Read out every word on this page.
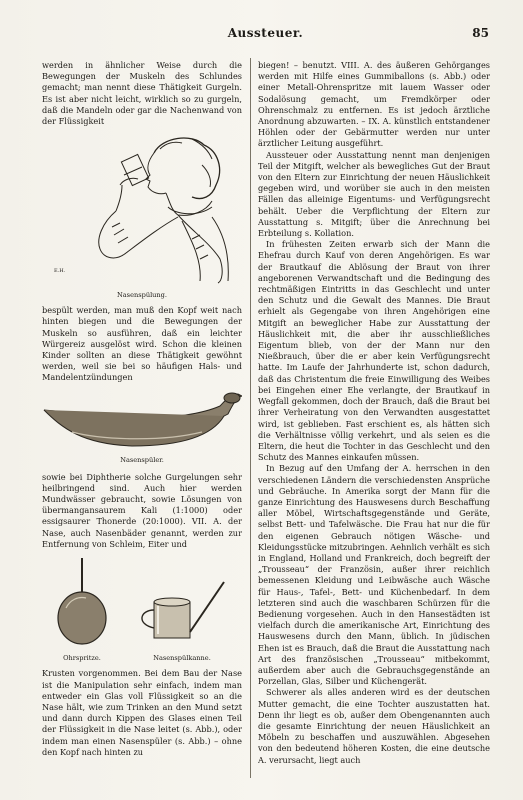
Aussteuer.	85

werden in ähnlicher Weise durch die Bewegungen der Muskeln des Schlundes gemacht; man nennt diese Thätigkeit Gurgeln. Es ist aber nicht leicht, wirklich so zu gurgeln, daß die Mandeln oder gar die Nachenwand von der Flüssigkeit

E.H.
Nasenspülung.

bespült werden, man muß den Kopf weit nach hinten biegen und die Bewegungen der Muskeln so ausführen, daß ein leichter Würgereiz ausgelöst wird. Schon die kleinen Kinder sollten an diese Thätigkeit gewöhnt werden, weil sie bei so häufigen Hals- und Mandelentzündungen

Nasenspüler.

sowie bei Diphtherie solche Gurgelungen sehr heilbringend sind. Auch hier werden Mundwässer gebraucht, sowie Lösungen von übermangansaurem Kali (1:1000) oder essigsaurer Thonerde (20:1000). VII. A. der Nase, auch Nasenbäder genannt, werden zur Entfernung von Schleim, Eiter und

Ohrspritze.	Nasenspülkanne.

Krusten vorgenommen. Bei dem Bau der Nase ist die Manipulation sehr einfach, indem man entweder ein Glas voll Flüssigkeit so an die Nase hält, wie zum Trinken an den Mund setzt und dann durch Kippen des Glases einen Teil der Flüssigkeit in die Nase leitet (s. Abb.), oder indem man einen Nasenspüler (s. Abb.) – ohne den Kopf nach hinten zu

biegen! – benutzt. VIII. A. des äußeren Gehörganges werden mit Hilfe eines Gummiballons (s. Abb.) oder einer Metall-Ohrenspritze mit lauem Wasser oder Sodalösung gemacht, um Fremdkörper oder Ohrenschmalz zu entfernen. Es ist jedoch ärztliche Anordnung abzuwarten. – IX. A. künstlich entstandener Höhlen oder der Gebärmutter werden nur unter ärztlicher Leitung ausgeführt.

Aussteuer oder Ausstattung nennt man denjenigen Teil der Mitgift, welcher als bewegliches Gut der Braut von den Eltern zur Einrichtung der neuen Häuslichkeit gegeben wird, und worüber sie auch in den meisten Fällen das alleinige Eigentums- und Verfügungsrecht behält. Ueber die Verpflichtung der Eltern zur Ausstattung s. Mitgift; über die Anrechnung bei Erbteilung s. Kollation.

In frühesten Zeiten erwarb sich der Mann die Ehefrau durch Kauf von deren Angehörigen. Es war der Brautkauf die Ablösung der Braut von ihrer angeborenen Verwandtschaft und die Bedingung des rechtmäßigen Eintritts in das Geschlecht und unter den Schutz und die Gewalt des Mannes. Die Braut erhielt als Gegengabe von ihren Angehörigen eine Mitgift an beweglicher Habe zur Ausstattung der Häuslichkeit mit, die aber ihr ausschließliches Eigentum blieb, von der der Mann nur den Nießbrauch, über die er aber kein Verfügungsrecht hatte. Im Laufe der Jahrhunderte ist, schon dadurch, daß das Christentum die freie Einwilligung des Weibes bei Eingehen einer Ehe verlangte, der Brautkauf in Wegfall gekommen, doch der Brauch, daß die Braut bei ihrer Verheiratung von den Verwandten ausgestattet wird, ist geblieben. Fast erschient es, als hätten sich die Verhältnisse völlig verkehrt, und als seien es die Eltern, die heut die Tochter in das Geschlecht und den Schutz des Mannes einkaufen müssen.

In Bezug auf den Umfang der A. herrschen in den verschiedenen Ländern die verschiedensten Ansprüche und Gebräuche. In Amerika sorgt der Mann für die ganze Einrichtung des Hauswesens durch Beschaffung aller Möbel, Wirtschaftsgegenstände und Geräte, selbst Bett- und Tafelwäsche. Die Frau hat nur die für den eigenen Gebrauch nötigen Wäsche- und Kleidungsstücke mitzubringen. Aehnlich verhält es sich in England, Holland und Frankreich, doch begreift der „Trousseau“ der Französin, außer ihrer reichlich bemessenen Kleidung und Leibwäsche auch Wäsche für Haus-, Tafel-, Bett- und Küchenbedarf. In dem letzteren sind auch die waschbaren Schürzen für die Bedienung vorgesehen. Auch in den Hansestädten ist vielfach durch die amerikanische Art, Einrichtung des Hauswesens durch den Mann, üblich. In jüdischen Ehen ist es Brauch, daß die Braut die Ausstattung nach Art des französischen „Trousseau“ mitbekommt, außerdem aber auch die Gebrauchsgegenstände an Porzellan, Glas, Silber und Küchengerät.

Schwerer als alles anderen wird es der deutschen Mutter gemacht, die eine Tochter auszustatten hat. Denn ihr liegt es ob, außer dem Obengenannten auch die gesamte Einrichtung der neuen Häuslichkeit an Möbeln zu beschaffen und auszuwählen. Abgesehen von den bedeutend höheren Kosten, die eine deutsche A. verursacht, liegt auch
